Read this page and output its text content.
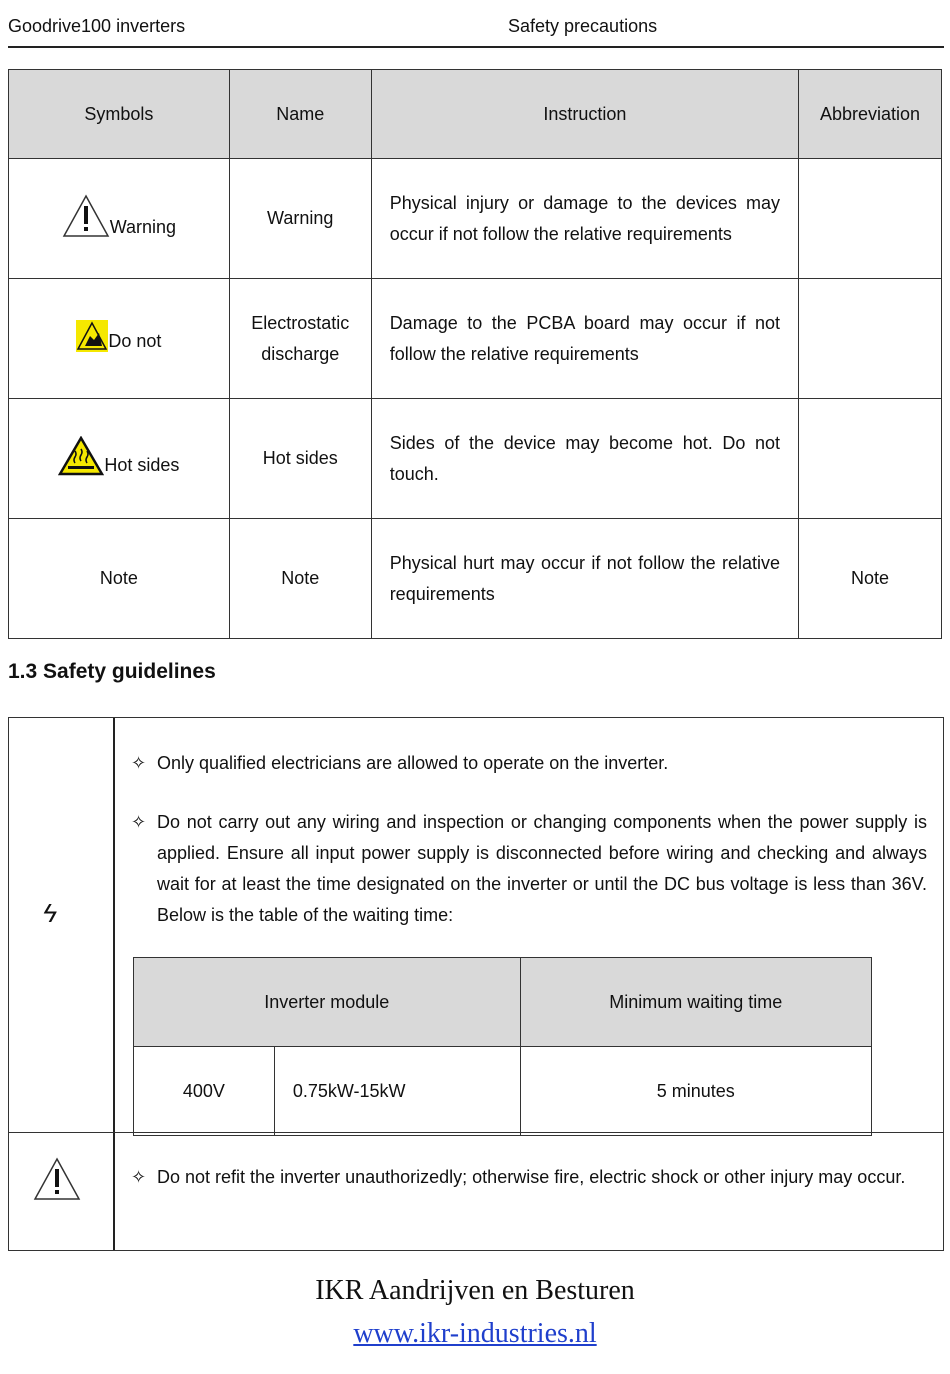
Goodrive100 inverters	Safety precautions
Symbols	Name	Instruction	Abbreviation

Warning	Warning	Physical injury or damage to the devices may occur if not follow the relative requirements	

Do not	Electrostatic discharge	Damage to the PCBA board may occur if not follow the relative requirements	

Hot sides	Hot sides	Sides of the device may become hot. Do not touch.	
Note	Note	Physical hurt may occur if not follow the relative requirements	Note
1.3 Safety guidelines
ϟ
✧ Only qualified electricians are allowed to operate on the inverter.
✧ Do not carry out any wiring and inspection or changing components when the power supply is applied. Ensure all input power supply is disconnected before wiring and checking and always wait for at least the time designated on the inverter or until the DC bus voltage is less than 36V. Below is the table of the waiting time:
Inverter module		Minimum waiting time
400V	0.75kW-15kW	5 minutes
✧ Do not refit the inverter unauthorizedly; otherwise fire, electric shock or other injury may occur.
IKR Aandrijven en Besturen
www.ikr-industries.nl
